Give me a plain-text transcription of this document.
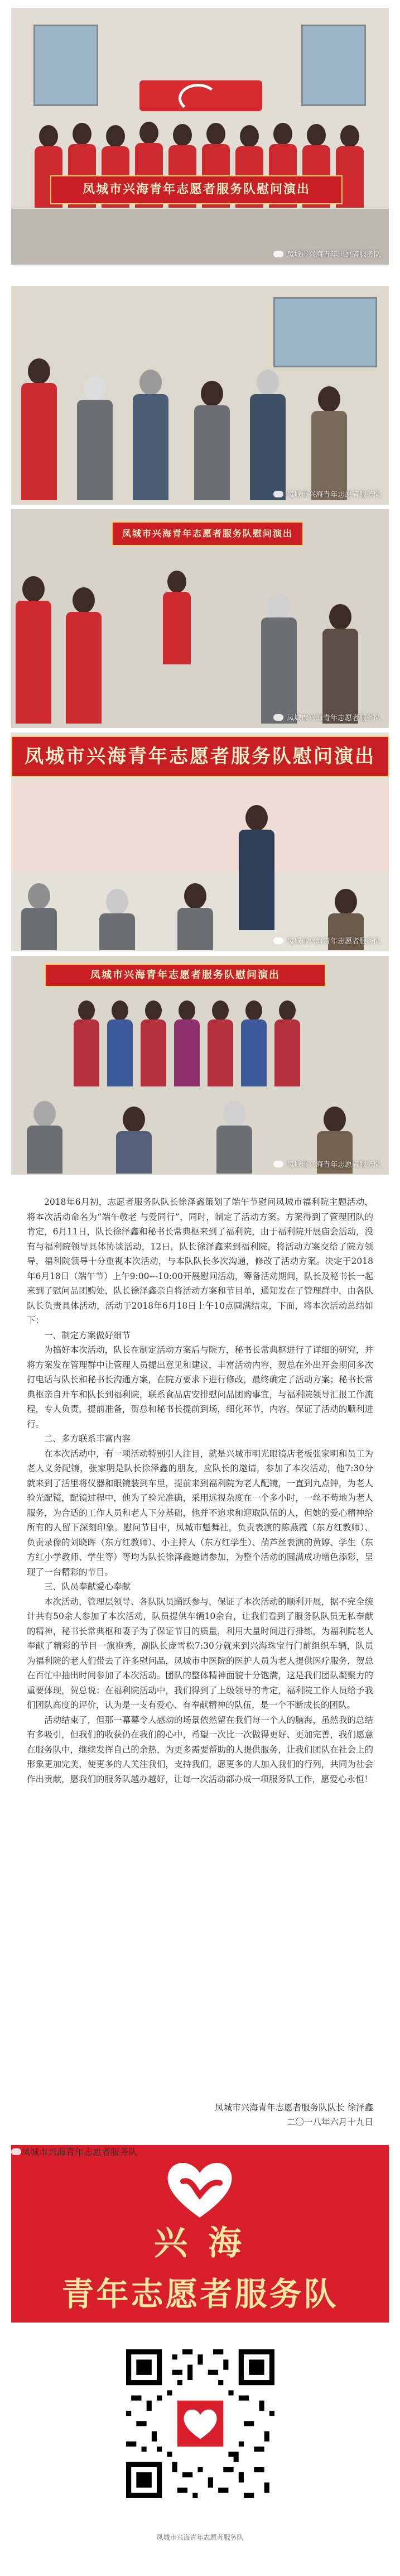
凤城市兴海青年志愿者服务队慰问演出
凤城市兴海青年志愿者服务队
凤城市兴海青年志愿者服务队
凤城市兴海青年志愿者服务队慰问演出
凤城市兴海青年志愿者服务队
凤城市兴海青年志愿者服务队慰问演出
凤城市兴海青年志愿者服务队
凤城市兴海青年志愿者服务队慰问演出
凤城市兴海青年志愿者服务队

2018年6月初，志愿者服务队队长徐泽鑫策划了端午节慰问凤城市福利院主题活动，将本次活动命名为“端午敬老 与爱同行”，同时，制定了活动方案。方案得到了管理团队的肯定，6月11日，队长徐泽鑫和秘书长常典枢来到了福利院，由于福利院开展庙会活动，没有与福利院领导具体协谈活动，12日，队长徐泽鑫来到福利院，将活动方案交给了院方领导，福利院领导十分重视本次活动，与本队队长多次沟通，修改了活动方案。决定于2018年6月18日（端午节）上午9:00---10:00开展慰问活动，筹备活动期间，队长及秘书长一起来到了慰问品团购处，队长徐泽鑫亲自将活动方案和节目单，通知发在了管理群中，由各队队长负责具体活动，活动于2018年6月18日上午10点圆满结束，下面，将本次活动总结如下：

一、制定方案做好细节

为搞好本次活动，队长在制定活动方案后与院方，秘书长常典枢进行了详细的研究，并将方案发在管理群中让管理人员提出意见和建议，丰富活动内容，贺总在外出开会期间多次打电话与队长和秘书长沟通方案，在院方要求下进行修改，最终确定了活动方案；秘书长常典枢亲自开车和队长到福利院，联系食品店安排慰问品团购事宜，与福利院领导汇报工作流程，专人负责，提前准备，贺总和秘书长提前到场，细化环节，内容，保证了活动的顺利进行。

二、多方联系丰富内容

在本次活动中，有一项活动特别引人注目，就是兴城市明光眼镜店老板张家明和员工为老人义务配镜，张家明是队长徐泽鑫的朋友，应队长的邀请，参加了本次活动，他7:30分就来到了活里将仪器和眼镜装到车里，提前来到福利院为老人配镜，一直到九点钟，为老人验光配镜，配镜过程中，他为了验光准确，采用远视杂度在一个多小时，一丝不苟地为老人服务，为合适的工作人员和老人下分基础，他并不追求和迎取队伍的人，但她的爱心精神给所有的人留下深刻印象。慰问节目中，凤城市魁舞社，负责表演的陈燕霞（东方红教师）、负责录像的刘晓晖（东方红教师）、小主持人（东方红学生）、葫芦丝表演的黄婷、学生（东方红小学教师、学生等）等均为队长徐泽鑫邀请参加，为整个活动的圆满成功增色添彩，呈现了一台精彩的节目。

三、队员奉献爱心奉献

本次活动，管理层领导、各队队员踊跃参与，保证了本次活动的顺利开展，据不完全统计共有50余人参加了本次活动，队员提供车辆10余台，让我们看到了服务队队员无私奉献的精神，秘书长常典枢和妻子为了保证节目的质量，利用大量时间进行排练，为福利院老人奉献了精彩的节目一旗袍秀，副队长庞雪松7:30分就来到兴海珠宝行门前组织车辆，队员为福利院的老人们带去了许多慰问品，凤城市中医院的医护人员为老人提供医疗服务，贺总在百忙中抽出时间参加了本次活动。团队的整体精神面貌十分饱满，这是我们团队凝聚力的重要体现，贺总说：在福利院活动中，我们得到了上级领导的肯定，福利院工作人员给予我们团队高度的评价，认为是一支有爱心、有奉献精神的队伍，是一个不断成长的团队。

活动结束了，但那一幕幕令人感动的场景依然留在我们每一个人的脑海，虽然我的总结有多吸引，但我们的收获仍在我们的心中，希望一次比一次做得更好、更加完善，我们愿意在服务队中，继续发挥自己的余热，为更多需要帮助的人提供服务，让我们团队在社会上的形象更加完美，使更多的人关注我们，支持我们，愿更多的人加入我们的行列，共同为社会作出贡献，愿我们的服务队越办越好，让每一次活动都办成一项服务队工作，愿爱心永恒！

凤城市兴海青年志愿者服务队队长 徐泽鑫
二〇一八年六月十九日
兴 海
青年志愿者服务队
凤城市兴海青年志愿者服务队
凤城市兴海青年志愿者服务队
